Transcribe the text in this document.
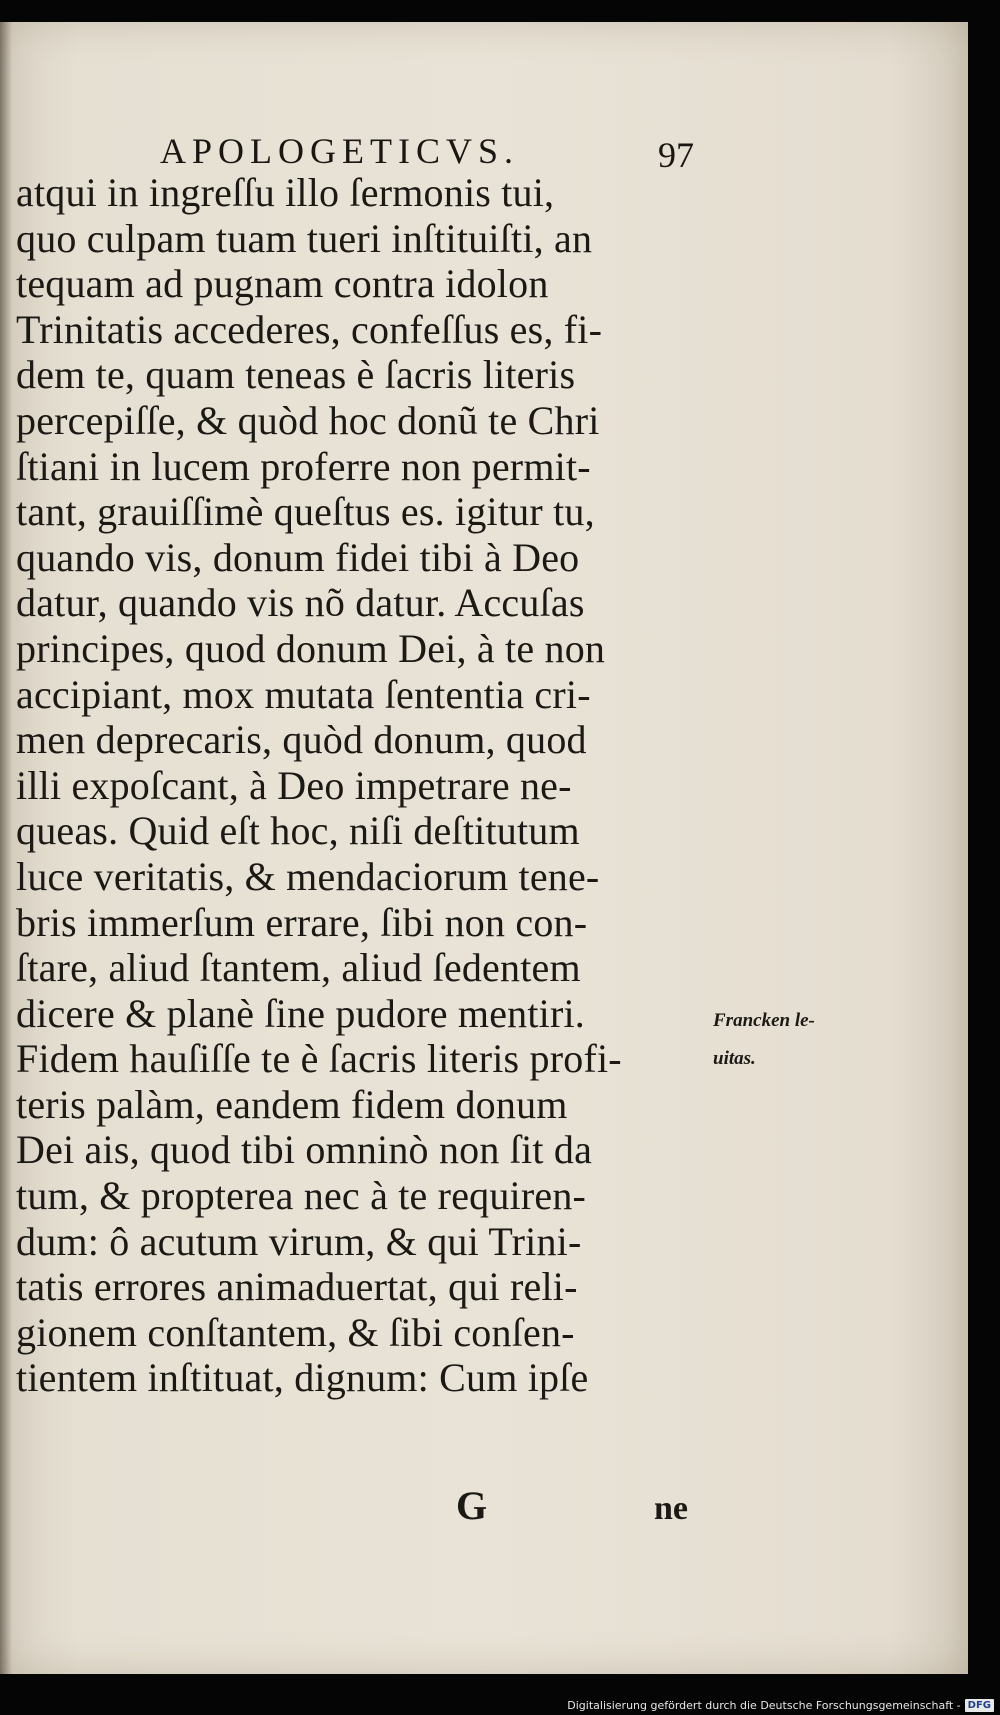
APOLOGETICVS.	97
atqui in ingreſſu illo ſermonis tui,
quo culpam tuam tueri inſtituiſti, an
tequam ad pugnam contra idolon
Trinitatis accederes, confeſſus es, fi-
dem te, quam teneas è ſacris literis
percepiſſe, & quòd hoc donũ te Chri
ſtiani in lucem proferre non permit-
tant, grauiſſimè queſtus es. igitur tu,
quando vis, donum fidei tibi à Deo
datur, quando vis nõ datur. Accuſas
principes, quod donum Dei, à te non
accipiant, mox mutata ſententia cri-
men deprecaris, quòd donum, quod
illi expoſcant, à Deo impetrare ne-
queas. Quid eſt hoc, niſi deſtitutum
luce veritatis, & mendaciorum tene-
bris immerſum errare, ſibi non con-
ſtare, aliud ſtantem, aliud ſedentem
dicere & planè ſine pudore mentiri.
Fidem hauſiſſe te è ſacris literis profi-
teris palàm, eandem fidem donum
Dei ais, quod tibi omninò non ſit da
tum, & propterea nec à te requiren-
dum: ô acutum virum, & qui Trini-
tatis errores animaduertat, qui reli-
gionem conſtantem, & ſibi conſen-
tientem inſtituat, dignum: Cum ipſe
Francken le-
uitas.
G	ne
Digitalisierung gefördert durch die Deutsche Forschungsgemeinschaft - DFG
